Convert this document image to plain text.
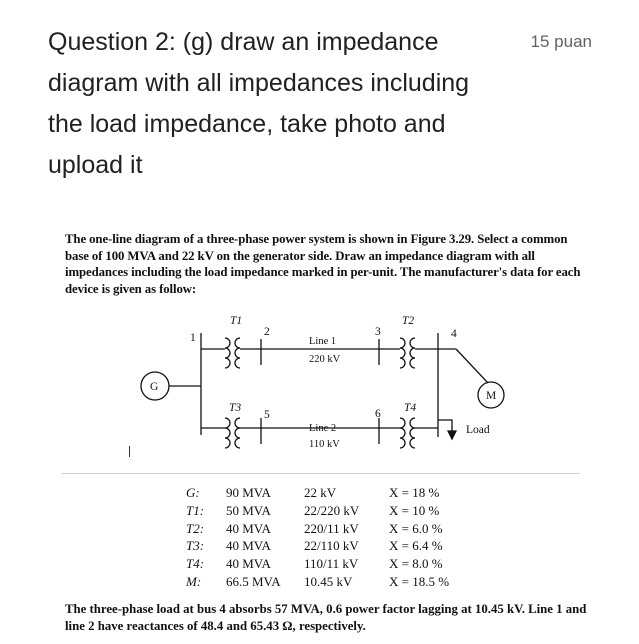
Question 2: (g) draw an impedance diagram with all impedances including the load impedance, take photo and upload it
15 puan
The one-line diagram of a three-phase power system is shown in Figure 3.29. Select a common base of 100 MVA and 22 kV on the generator side. Draw an impedance diagram with all impedances including the load impedance marked in per-unit. The manufacturer's data for each device is given as follow:
G
M
Load
1	2	3	4
5	6
T1	T2
T3	T4
Line 1
220 kV
Line 2
110 kV
G:	90 MVA	22 kV	X = 18 %
T1:	50 MVA	22/220 kV	X = 10 %
T2:	40 MVA	220/11 kV	X = 6.0 %
T3:	40 MVA	22/110 kV	X = 6.4 %
T4:	40 MVA	110/11 kV	X = 8.0 %
M:	66.5 MVA	10.45 kV	X = 18.5 %
The three-phase load at bus 4 absorbs 57 MVA, 0.6 power factor lagging at 10.45 kV. Line 1 and line 2 have reactances of 48.4 and 65.43 Ω, respectively.
